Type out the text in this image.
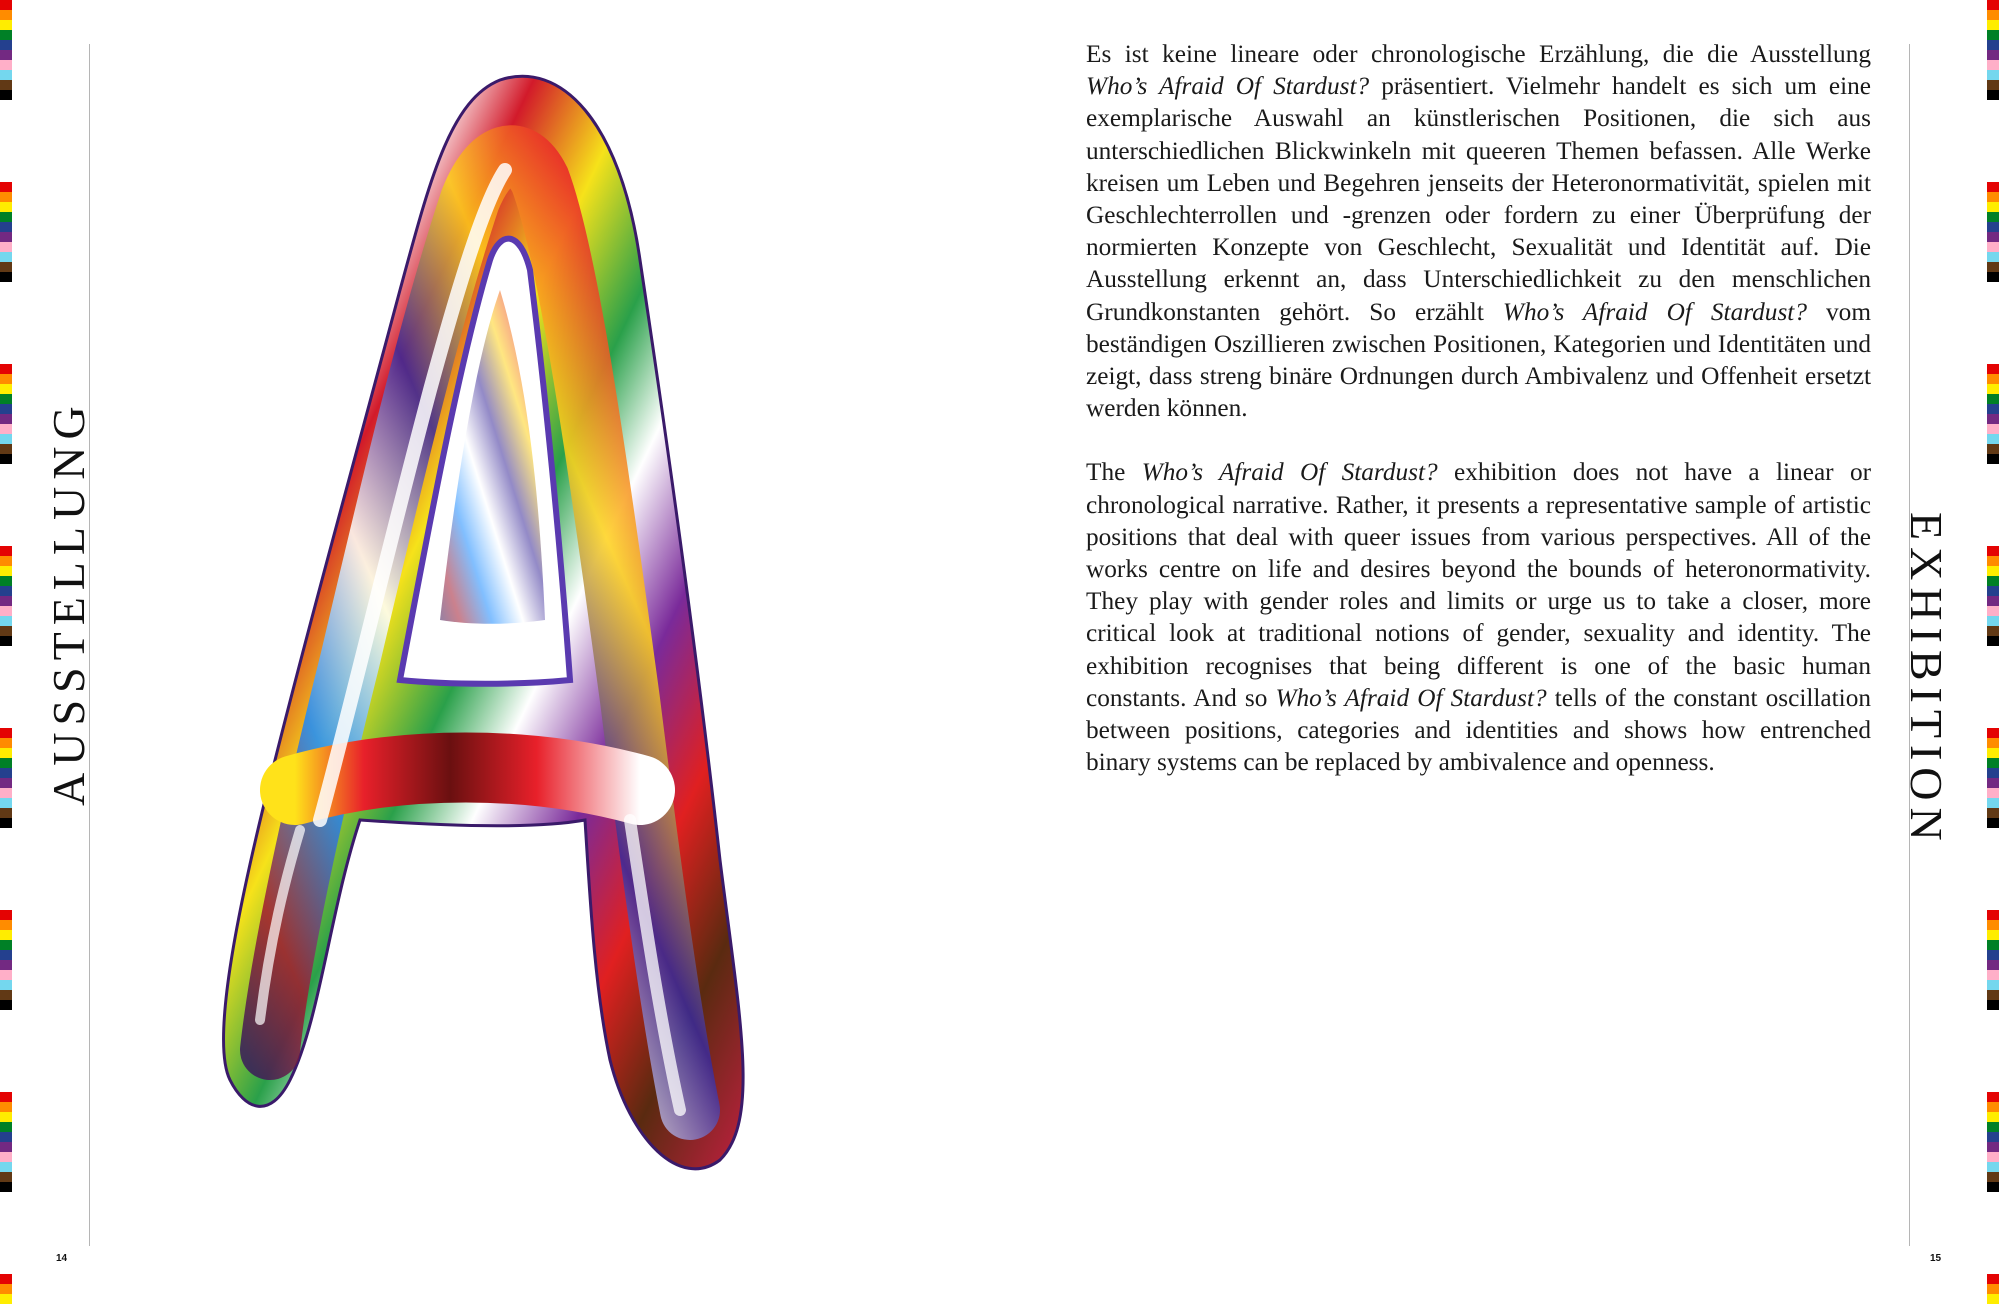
AUSSTELLUNG	EXHIBITION

Es ist keine lineare oder chronologische Erzählung, die die Ausstellung Who’s Afraid Of Stardust? präsentiert. Vielmehr handelt es sich um eine exemplarische Auswahl an künstlerischen Positionen, die sich aus unterschiedlichen Blickwinkeln mit queeren Themen befassen. Alle Werke kreisen um Leben und Begehren jenseits der Heteronormativität, spielen mit Geschlechterrollen und -grenzen oder fordern zu einer Überprüfung der normierten Konzepte von Geschlecht, Sexualität und Identität auf. Die Ausstellung erkennt an, dass Unterschiedlichkeit zu den menschlichen Grundkonstanten gehört. So erzählt Who’s Afraid Of Stardust? vom beständigen Oszillieren zwischen Positionen, Kategorien und Identitäten und zeigt, dass streng binäre Ordnungen durch Ambivalenz und Offenheit ersetzt werden können.

The Who’s Afraid Of Stardust? exhibition does not have a linear or chronological narrative. Rather, it presents a representative sample of artistic positions that deal with queer issues from various perspectives. All of the works centre on life and desires beyond the bounds of heteronormativity. They play with gender roles and limits or urge us to take a closer, more critical look at traditional notions of gender, sexuality and identity. The exhibition recognises that being different is one of the basic human constants. And so Who’s Afraid Of Stardust? tells of the constant oscillation between positions, categories and identities and shows how entrenched binary systems can be replaced by ambivalence and openness.

14	15
